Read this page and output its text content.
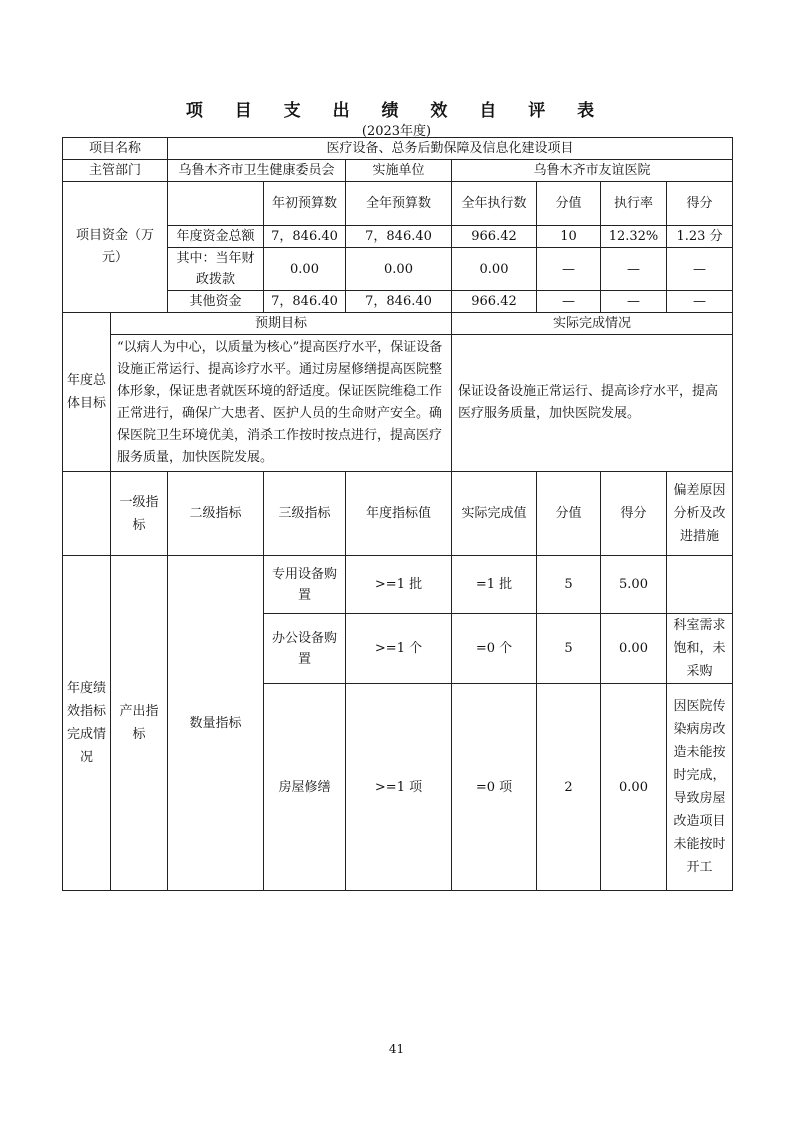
项 目 支 出 绩 效 自 评 表
(2023年度)
项目名称		医疗设备、总务后勤保障及信息化建设项目						
主管部门		乌鲁木齐市卫生健康委员会		实施单位	乌鲁木齐市友谊医院			

项目资金（万元）			年初预算数	全年预算数	全年执行数	分值	执行率	得分
		年度资金总额	7，846.40	7，846.40	966.42	10	12.32%	1.23 分
		其中：当年财政拨款	0.00	0.00	0.00	—	—	—
		其他资金	7，846.40	7，846.40	966.42	—	—	—
年度总体目标	预期目标				实际完成情况			
	“以病人为中心，以质量为核心”提高医疗水平，保证设备设施正常运行、提高诊疗水平。通过房屋修缮提高医院整体形象，保证患者就医环境的舒适度。保证医院维稳工作正常进行，确保广大患者、医护人员的生命财产安全。确保医院卫生环境优美，消杀工作按时按点进行，提高医疗服务质量，加快医院发展。				保证设备设施正常运行、提高诊疗水平，提高医疗服务质量，加快医院发展。			
	一级指标	二级指标	三级指标	年度指标值	实际完成值	分值	得分	偏差原因分析及改进措施
年度绩效指标完成情况	产出指标	数量指标	专用设备购置	>=1 批	=1 批	5	5.00	
			办公设备购置	>=1 个	=0 个	5	0.00	科室需求饱和，未采购
			房屋修缮	>=1 项	=0 项	2	0.00	因医院传染病房改造未能按时完成，导致房屋改造项目未能按时开工
41
